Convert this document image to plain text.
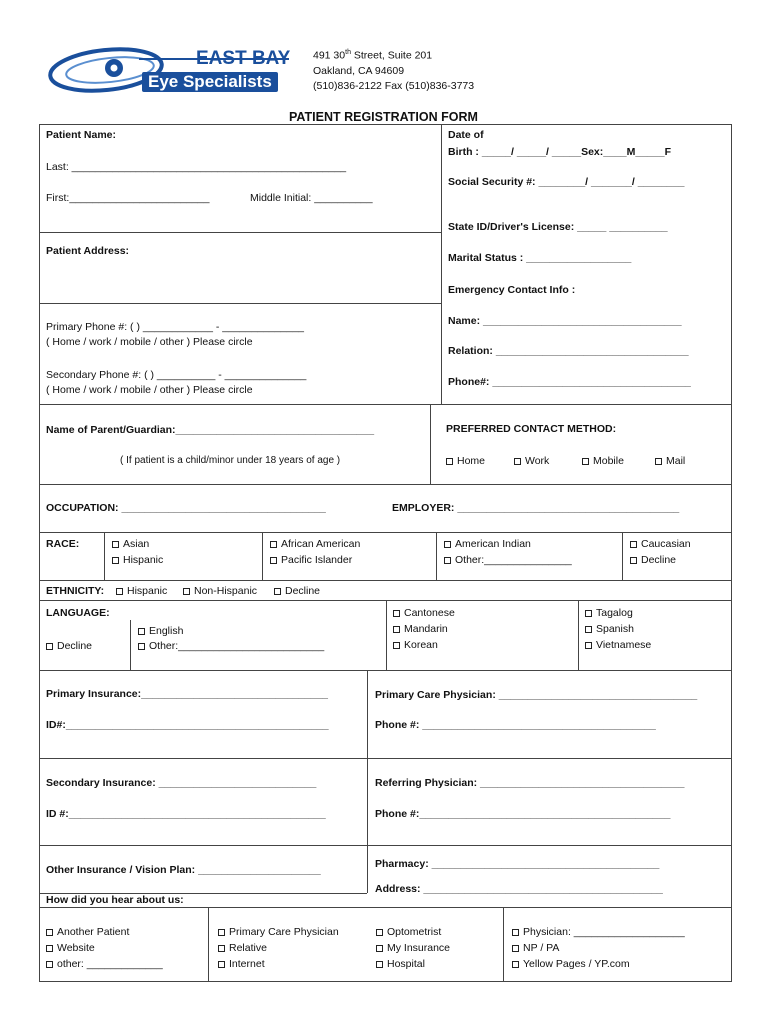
EAST BAY
Eye Specialists
491 30th Street, Suite 201
Oakland, CA 94609
(510)836-2122 Fax (510)836-3773
PATIENT REGISTRATION FORM
Patient Name:
Last: _______________________________________________
First:________________________	Middle Initial: __________
Patient Address:
Primary Phone #: ( ) ____________ - ______________
( Home / work / mobile / other ) Please circle
Secondary Phone #: ( ) __________ - ______________
( Home / work / mobile / other ) Please circle
Date of
Birth : _____/ _____/ _____Sex:____M_____F
Social Security #: ________/ _______/ ________
State ID/Driver's License: _____ __________
Marital Status : __________________
Emergency Contact Info :
Name: __________________________________
Relation: _________________________________
Phone#: __________________________________
Name of Parent/Guardian:__________________________________
( If patient is a child/minor under 18 years of age )
PREFERRED CONTACT METHOD:
Home	Work	Mobile	Mail
OCCUPATION: ___________________________________	EMPLOYER: ______________________________________
RACE:	Asian
Hispanic
African American
Pacific Islander
American Indian
Other:_______________
Caucasian
Decline
ETHNICITY:	Hispanic	Non-Hispanic	Decline
LANGUAGE:
Decline
English
Other:_________________________
Cantonese
Mandarin
Korean
Tagalog
Spanish
Vietnamese
Primary Insurance:________________________________
ID#:_____________________________________________
Primary Care Physician: __________________________________
Phone #: ________________________________________
Secondary Insurance: ___________________________
ID #:____________________________________________
Referring Physician: ___________________________________
Phone #:___________________________________________
Other Insurance / Vision Plan: _____________________	Pharmacy: _______________________________________
Address: _________________________________________
How did you hear about us:
Another Patient
Website
other: _____________
Primary Care Physician
Relative
Internet
Optometrist
My Insurance
Hospital
Physician: ___________________
NP / PA
Yellow Pages / YP.com
